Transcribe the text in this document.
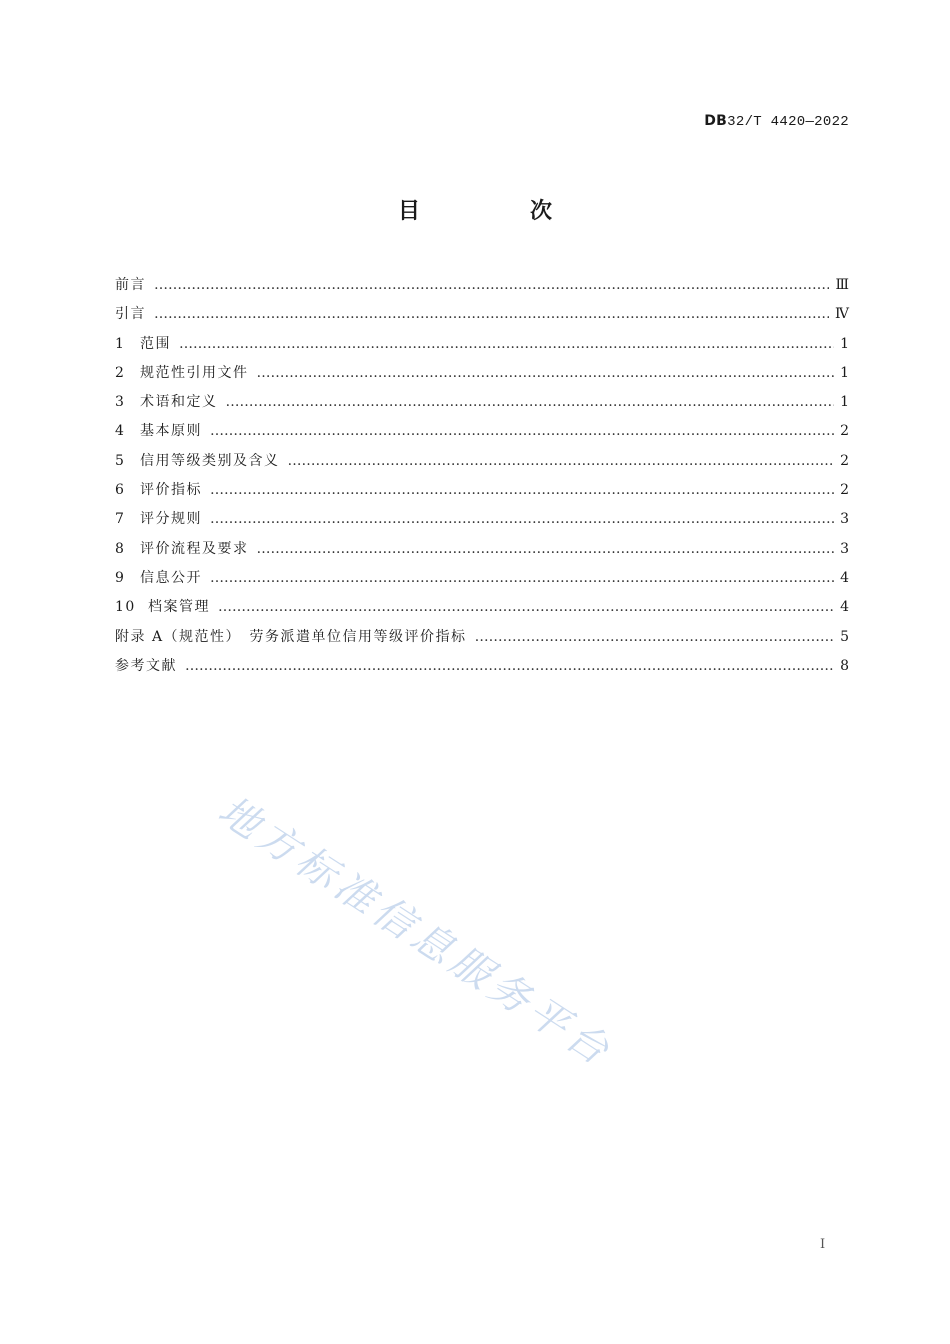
DB32/T 4420—2022
目　次
前言 ………………………………………………………………………………………………………………………………………………………………………	Ⅲ
引言 ………………………………………………………………………………………………………………………………………………………………………	Ⅳ
1	范围 ………………………………………………………………………………………………………………………………………………………………………	1
2	规范性引用文件 ………………………………………………………………………………………………………………………………………………………………………	1
3	术语和定义 ………………………………………………………………………………………………………………………………………………………………………	1
4	基本原则 ………………………………………………………………………………………………………………………………………………………………………	2
5	信用等级类别及含义 ………………………………………………………………………………………………………………………………………………………………………	2
6	评价指标 ………………………………………………………………………………………………………………………………………………………………………	2
7	评分规则 ………………………………………………………………………………………………………………………………………………………………………	3
8	评价流程及要求 ………………………………………………………………………………………………………………………………………………………………………	3
9	信息公开 ………………………………………………………………………………………………………………………………………………………………………	4
10 档案管理 ………………………………………………………………………………………………………………………………………………………………………	4
附录 A（规范性）　劳务派遣单位信用等级评价指标 ………………………………………………………………………………………………………………………………………………………………………	5
参考文献 ………………………………………………………………………………………………………………………………………………………………………	8
地方标准信息服务平台
I
